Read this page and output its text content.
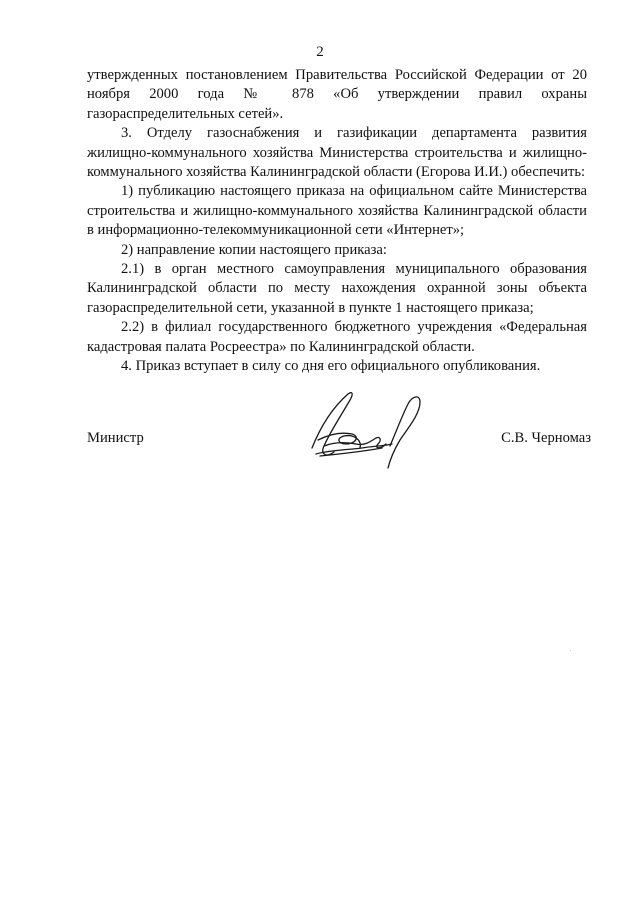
2

утвержденных постановлением Правительства Российской Федерации от 20 ноября 2000 года № 878 «Об утверждении правил охраны газораспределительных сетей».

3. Отделу газоснабжения и газификации департамента развития жилищно-коммунального хозяйства Министерства строительства и жилищно-коммунального хозяйства Калининградской области (Егорова И.И.) обеспечить:

1) публикацию настоящего приказа на официальном сайте Министерства строительства и жилищно-коммунального хозяйства Калининградской области в информационно-телекоммуникационной сети «Интернет»;

2) направление копии настоящего приказа:

2.1) в орган местного самоуправления муниципального образования Калининградской области по месту нахождения охранной зоны объекта газораспределительной сети, указанной в пункте 1 настоящего приказа;

2.2) в филиал государственного бюджетного учреждения «Федеральная кадастровая палата Росреестра» по Калининградской области.

4. Приказ вступает в силу со дня его официального опубликования.

Министр	С.В. Черномаз
